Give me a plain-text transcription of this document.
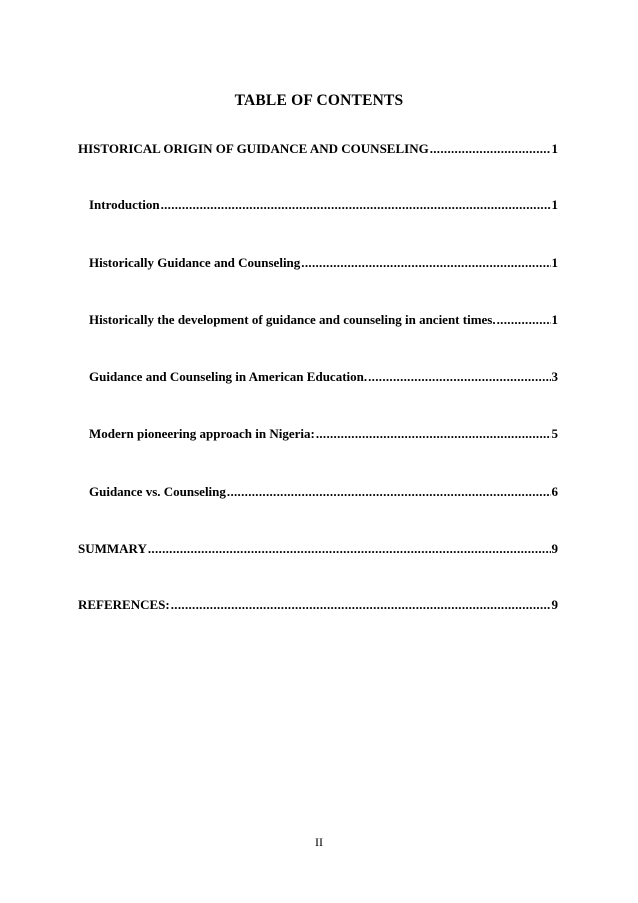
TABLE OF CONTENTS
HISTORICAL ORIGIN OF GUIDANCE AND COUNSELING .....	1
Introduction .....	1
Historically Guidance and Counseling .....	1
Historically the development of guidance and counseling in ancient times. .....	1
Guidance and Counseling in American Education. .....	3
Modern pioneering approach in Nigeria: .....	5
Guidance vs. Counseling .....	6
SUMMARY .....	9
REFERENCES: .....	9
II
